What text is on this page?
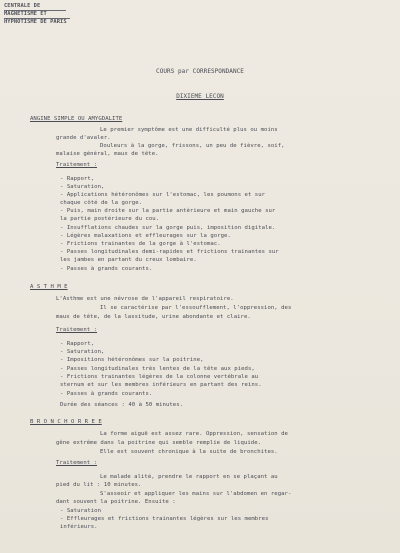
CENTRALE DE
MAGNETISME ET
HYPNOTISME DE PARIS
COURS par CORRESPONDANCE
DIXIEME LECON
ANGINE SIMPLE OU AMYGDALITE
Le premier symptôme est une difficulté plus ou moins
grande d'avaler.
Douleurs à la gorge, frissons, un peu de fièvre, soif,
malaise général, maux de tête.
Traitement :
- Rapport,
- Saturation,
- Applications hétéronômes sur l'estomac, les poumons et sur
chaque côté de la gorge.
- Puis, main droite sur la partie antérieure et main gauche sur
la partie postérieure du cou.
- Insufflations chaudes sur la gorge puis, imposition digitale.
- Légères malaxations et effleurages sur la gorge.
- Frictions trainantes de la gorge à l'estomac.
- Passes longitudinales demi-rapides et frictions trainantes sur
les jambes en partant du creux lombaire.
- Passes à grands courants.
A S T H M E
L'Asthme est une névrose de l'appareil respiratoire.
Il se caractérise par l'essoufflement, l'oppression, des
maux de tête, de la lassitude, urine abondante et claire.
Traitement :
- Rapport,
- Saturation,
- Impositions hétéronômes sur la poitrine,
- Passes longitudinales très lentes de la tête aux pieds,
- Frictions trainantes légères de la colonne vertébrale au
sternum et sur les membres inférieurs en partant des reins.
- Passes à grands courants.
Durée des séances : 40 à 50 minutes.
B R O N C H O R R E E
La forme aiguë est assez rare. Oppression, sensation de
gêne extrême dans la poitrine qui semble remplie de liquide.
Elle est souvent chronique à la suite de bronchites.
Traitement :
Le malade alité, prendre le rapport en se plaçant au
pied du lit : 10 minutes.
S'asseoir et appliquer les mains sur l'abdomen en regar-
dant souvent la poitrine. Ensuite :
- Saturation
- Effleurages et frictions trainantes légères sur les membres
inférieurs.
